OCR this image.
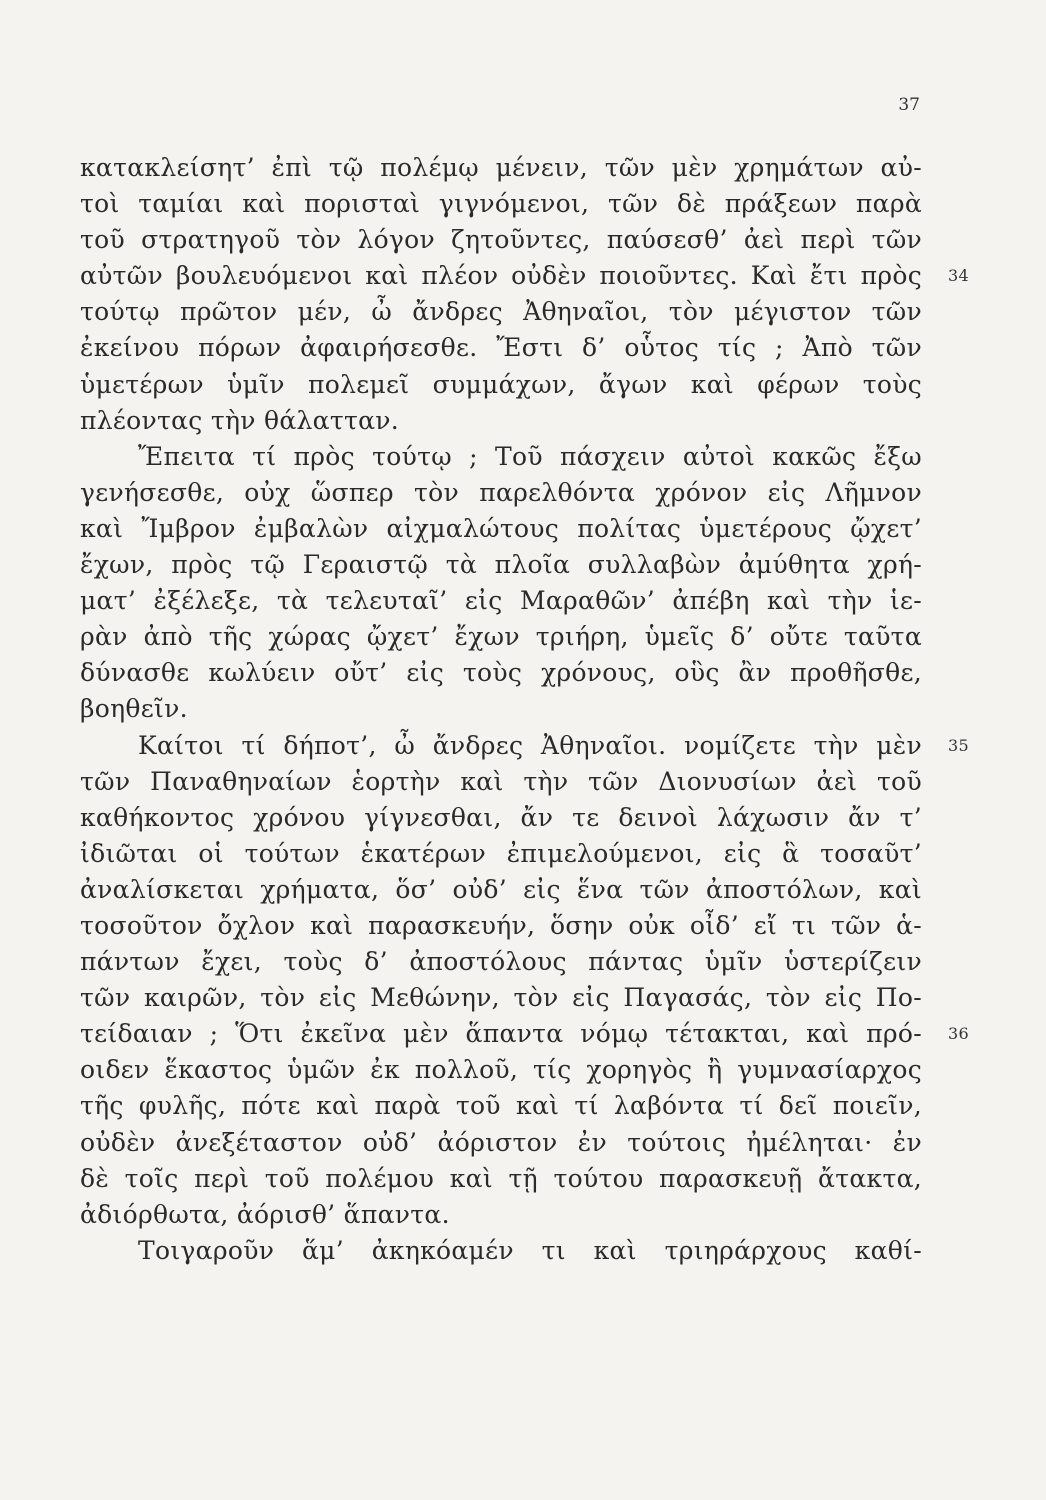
37
κατακλείσητ’ ἐπὶ τῷ πολέμῳ μένειν, τῶν μὲν χρημάτων αὐ-
τοὶ ταμίαι καὶ πορισταὶ γιγνόμενοι, τῶν δὲ πράξεων παρὰ
τοῦ στρατηγοῦ τὸν λόγον ζητοῦντες, παύσεσθ’ ἀεὶ περὶ τῶν
αὐτῶν βουλευόμενοι καὶ πλέον οὐδὲν ποιοῦντες. Καὶ ἔτι πρὸς 34
τούτῳ πρῶτον μέν, ὦ ἄνδρες Ἀθηναῖοι, τὸν μέγιστον τῶν
ἐκείνου πόρων ἀφαιρήσεσθε. Ἔστι δ’ οὗτος τίς ; Ἀπὸ τῶν
ὑμετέρων ὑμῖν πολεμεῖ συμμάχων, ἄγων καὶ φέρων τοὺς
πλέοντας τὴν θάλατταν.
Ἔπειτα τί πρὸς τούτῳ ; Τοῦ πάσχειν αὐτοὶ κακῶς ἔξω
γενήσεσθε, οὐχ ὥσπερ τὸν παρελθόντα χρόνον εἰς Λῆμνον
καὶ Ἴμβρον ἐμβαλὼν αἰχμαλώτους πολίτας ὑμετέρους ᾤχετ’
ἔχων, πρὸς τῷ Γεραιστῷ τὰ πλοῖα συλλαβὼν ἀμύθητα χρή-
ματ’ ἐξέλεξε, τὰ τελευταῖ’ εἰς Μαραθῶν’ ἀπέβη καὶ τὴν ἱε-
ρὰν ἀπὸ τῆς χώρας ᾤχετ’ ἔχων τριήρη, ὑμεῖς δ’ οὔτε ταῦτα
δύνασθε κωλύειν οὔτ’ εἰς τοὺς χρόνους, οὓς ἂν προθῆσθε,
βοηθεῖν.
Καίτοι τί δήποτ’, ὦ ἄνδρες Ἀθηναῖοι. νομίζετε τὴν μὲν 35
τῶν Παναθηναίων ἑορτὴν καὶ τὴν τῶν Διονυσίων ἀεὶ τοῦ
καθήκοντος χρόνου γίγνεσθαι, ἄν τε δεινοὶ λάχωσιν ἄν τ’
ἰδιῶται οἱ τούτων ἑκατέρων ἐπιμελούμενοι, εἰς ἃ τοσαῦτ’
ἀναλίσκεται χρήματα, ὅσ’ οὐδ’ εἰς ἕνα τῶν ἀποστόλων, καὶ
τοσοῦτον ὄχλον καὶ παρασκευήν, ὅσην οὐκ οἶδ’ εἴ τι τῶν ἁ-
πάντων ἔχει, τοὺς δ’ ἀποστόλους πάντας ὑμῖν ὑστερίζειν
τῶν καιρῶν, τὸν εἰς Μεθώνην, τὸν εἰς Παγασάς, τὸν εἰς Πο-
τείδαιαν ; Ὅτι ἐκεῖνα μὲν ἅπαντα νόμῳ τέτακται, καὶ πρό- 36
οιδεν ἕκαστος ὑμῶν ἐκ πολλοῦ, τίς χορηγὸς ἢ γυμνασίαρχος
τῆς φυλῆς, πότε καὶ παρὰ τοῦ καὶ τί λαβόντα τί δεῖ ποιεῖν,
οὐδὲν ἀνεξέταστον οὐδ’ ἀόριστον ἐν τούτοις ἠμέληται· ἐν
δὲ τοῖς περὶ τοῦ πολέμου καὶ τῇ τούτου παρασκευῇ ἄτακτα,
ἀδιόρθωτα, ἀόρισθ’ ἅπαντα.
Τοιγαροῦν ἅμ’ ἀκηκόαμέν τι καὶ τριηράρχους καθί-
